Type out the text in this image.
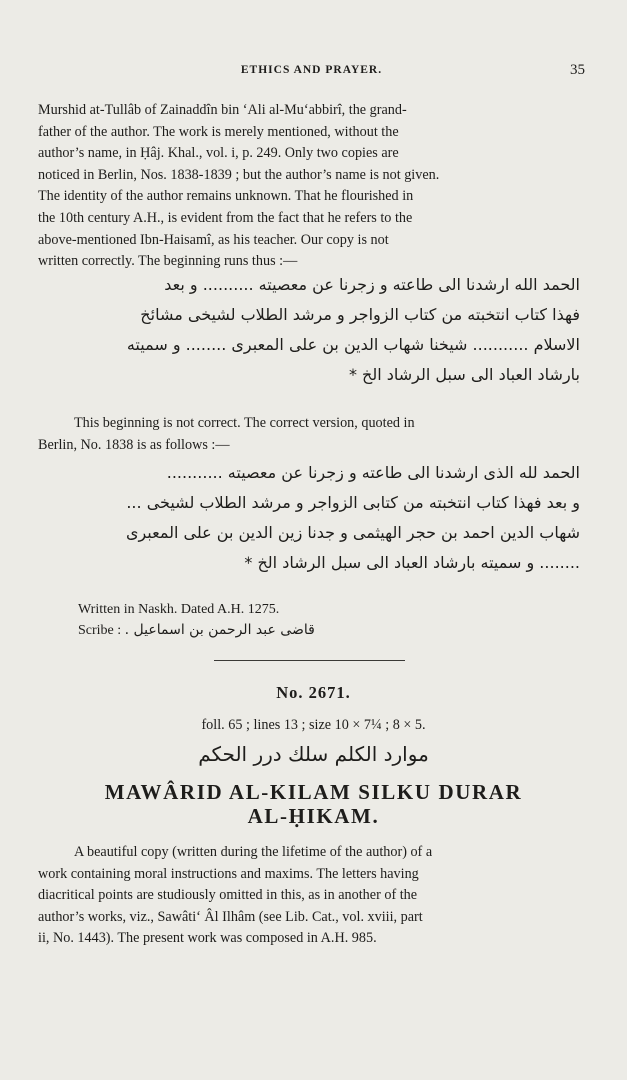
ETHICS AND PRAYER.	35
Murshid at-Tullâb of Zainaddîn bin ‘Ali al-Mu‘abbirî, the grand-
father of the author. The work is merely mentioned, without the
author’s name, in Ḥâj. Khal., vol. i, p. 249. Only two copies are
noticed in Berlin, Nos. 1838-1839 ; but the author’s name is not given.
The identity of the author remains unknown. That he flourished in
the 10th century A.H., is evident from the fact that he refers to the
above-mentioned Ibn-Haisamî, as his teacher. Our copy is not
written correctly. The beginning runs thus :—
الحمد الله ارشدنا الی طاعته و زجرنا عن معصيته .......... و بعد
فهذا كتاب انتخبته من كتاب الزواجر و مرشد الطلاب لشيخی مشائخ
الاسلام ........... شيخنا شهاب الدين بن علی المعبری ........ و سميته
بارشاد العباد الی سبل الرشاد الخ *
This beginning is not correct. The correct version, quoted in
Berlin, No. 1838 is as follows :—
الحمد لله الذی ارشدنا الی طاعته و زجرنا عن معصيته ...........
و بعد فهذا كتاب انتخبته من كتابی الزواجر و مرشد الطلاب لشيخی ...
شهاب الدين احمد بن حجر الهيثمی و جدنا زين الدين بن علی المعبری
........ و سميته بارشاد العباد الی سبل الرشاد الخ *
Written in Naskh. Dated A.H. 1275.
Scribe : قاضی عبد الرحمن بن اسماعيل .
No. 2671.
foll. 65 ; lines 13 ; size 10 × 7¼ ; 8 × 5.
موارد الكلم سلك درر الحكم
MAWÂRID AL-KILAM SILKU DURAR
AL-ḤIKAM.
A beautiful copy (written during the lifetime of the author) of a
work containing moral instructions and maxims. The letters having
diacritical points are studiously omitted in this, as in another of the
author’s works, viz., Sawâti‘ Âl Ilhâm (see Lib. Cat., vol. xviii, part
ii, No. 1443). The present work was composed in A.H. 985.
